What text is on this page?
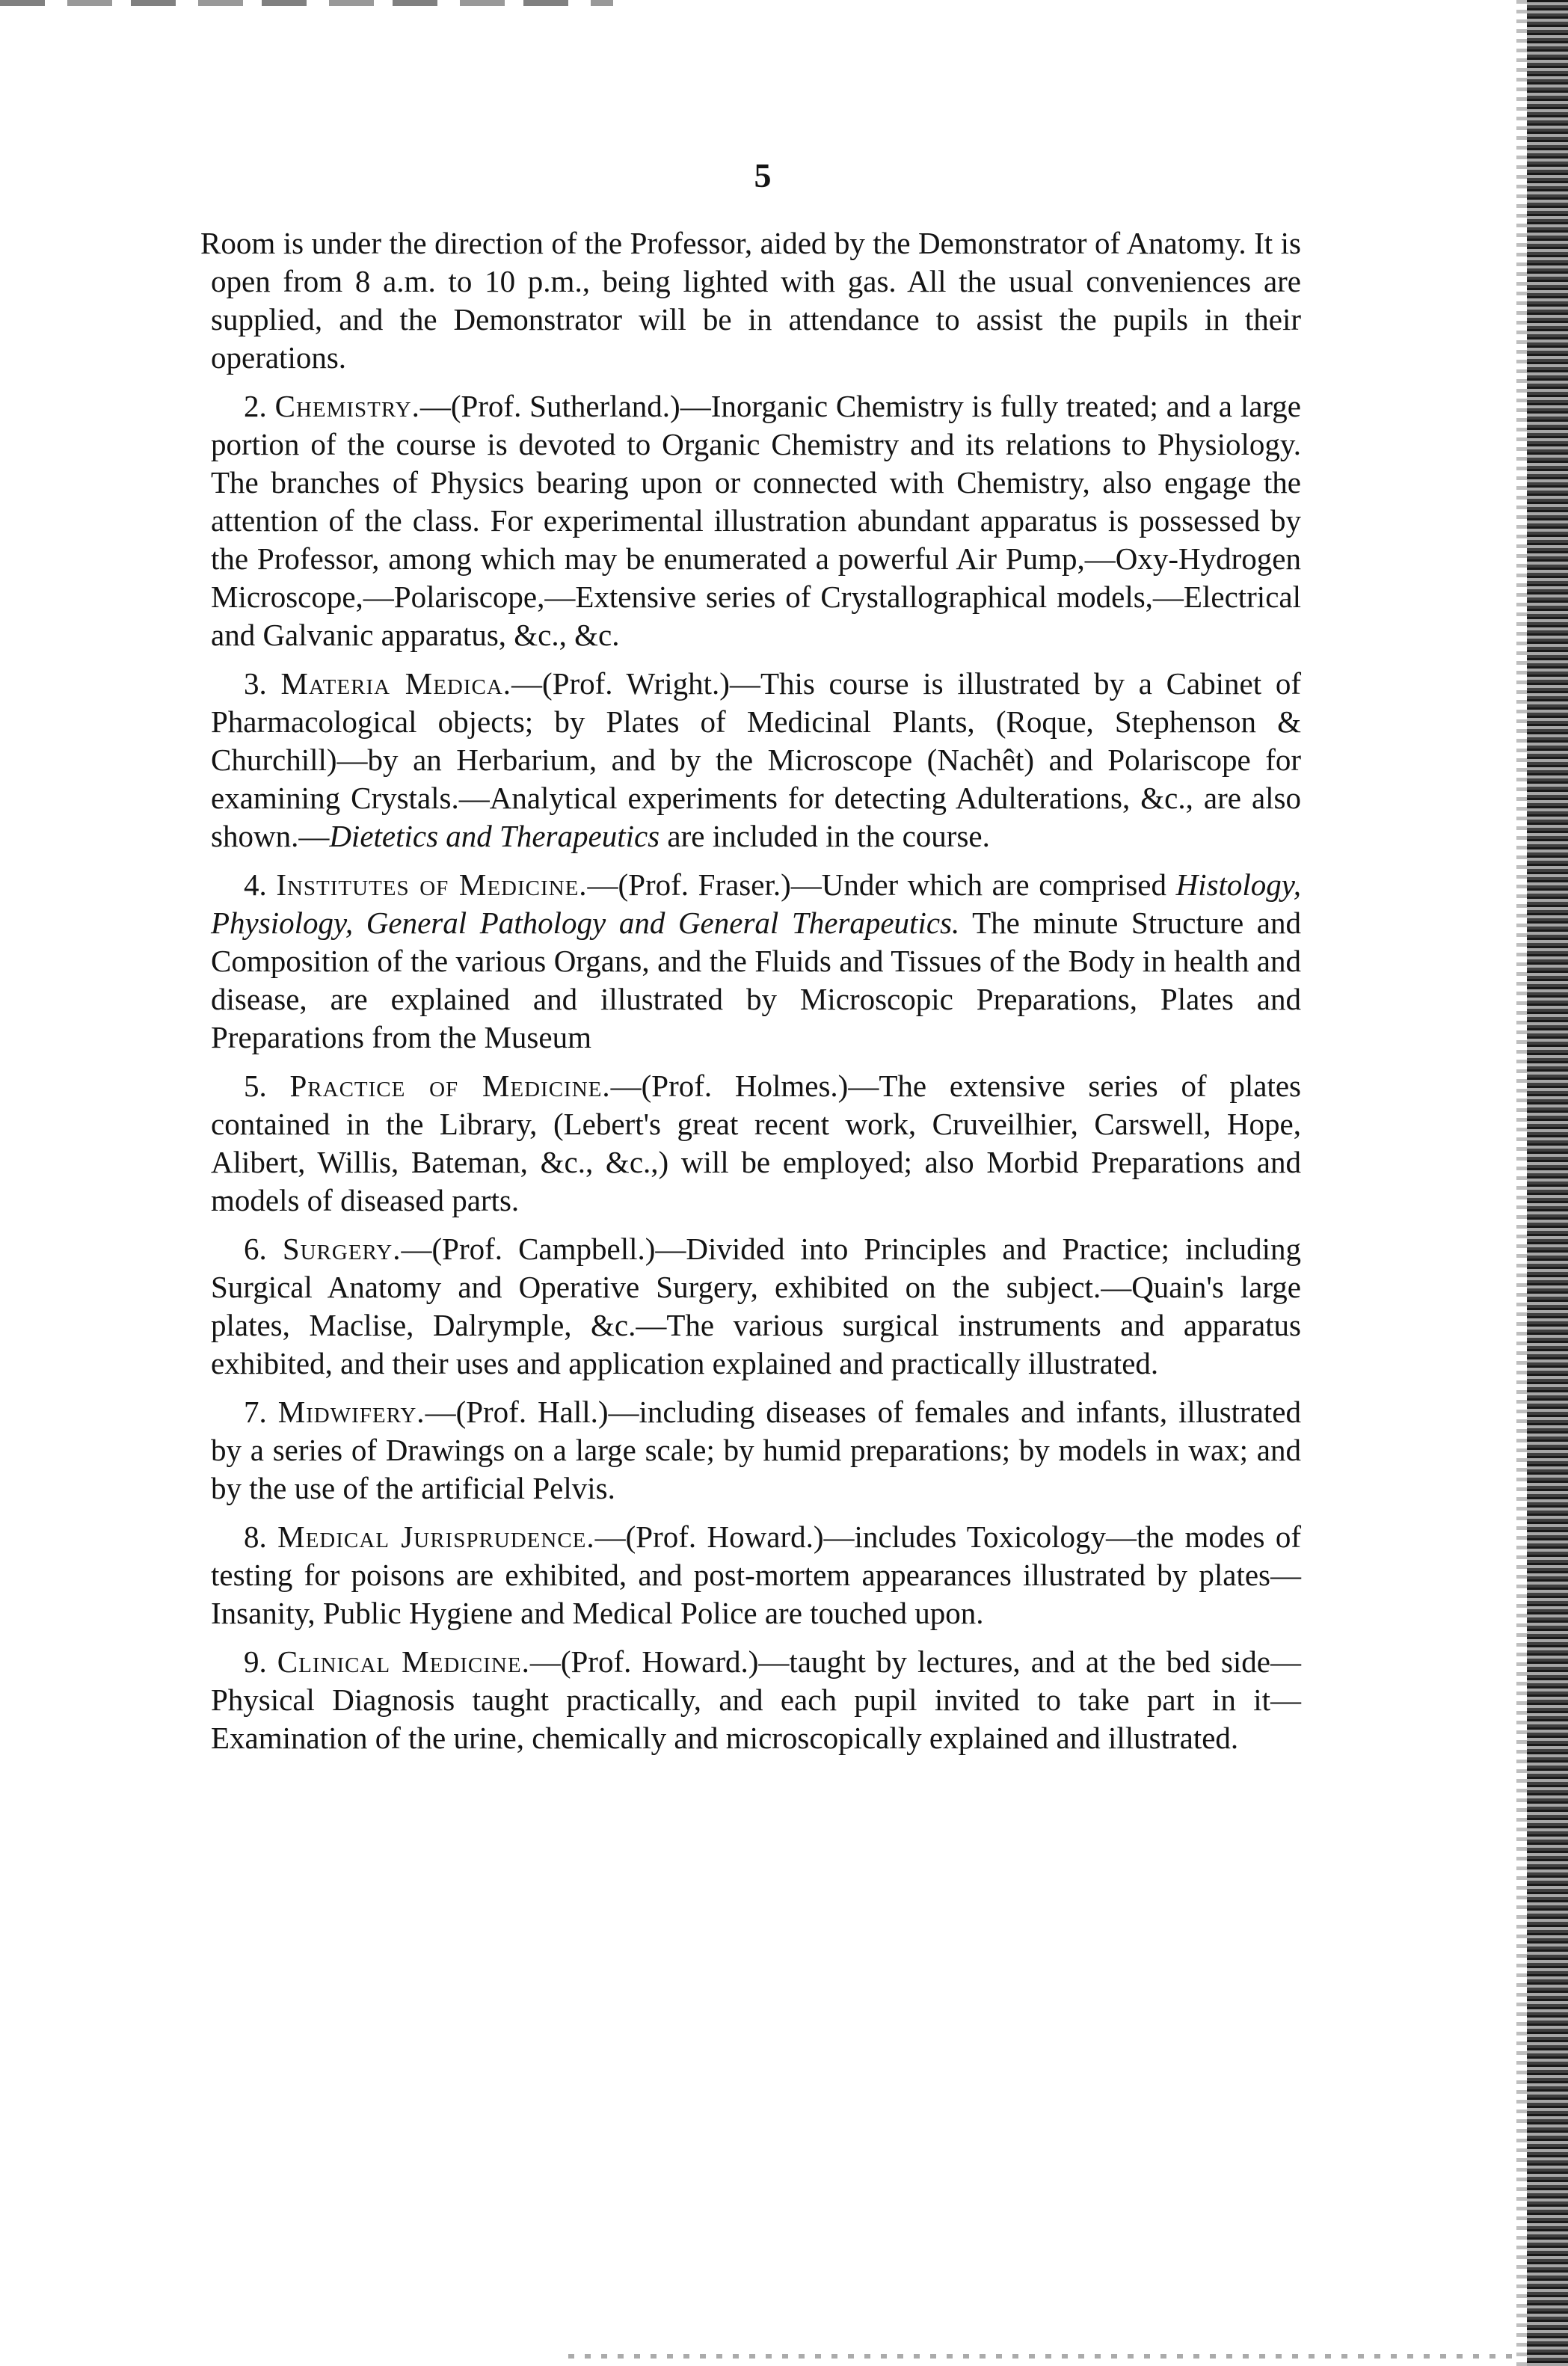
5

Room is under the direction of the Professor, aided by the Demonstrator of Anatomy. It is open from 8 a.m. to 10 p.m., being lighted with gas. All the usual conveniences are supplied, and the Demonstrator will be in attendance to assist the pupils in their operations.

2. Chemistry.—(Prof. Sutherland.)—Inorganic Chemistry is fully treated; and a large portion of the course is devoted to Organic Chemistry and its relations to Physiology. The branches of Physics bearing upon or connected with Chemistry, also engage the attention of the class. For experimental illustration abundant apparatus is possessed by the Professor, among which may be enumerated a powerful Air Pump,—Oxy-Hydrogen Microscope,—Polariscope,—Extensive series of Crystallographical models,—Electrical and Galvanic apparatus, &c., &c.

3. Materia Medica.—(Prof. Wright.)—This course is illustrated by a Cabinet of Pharmacological objects; by Plates of Medicinal Plants, (Roque, Stephenson & Churchill)—by an Herbarium, and by the Microscope (Nachêt) and Polariscope for examining Crystals.—Analytical experiments for detecting Adulterations, &c., are also shown.—Dietetics and Therapeutics are included in the course.

4. Institutes of Medicine.—(Prof. Fraser.)—Under which are comprised Histology, Physiology, General Pathology and General Therapeutics. The minute Structure and Composition of the various Organs, and the Fluids and Tissues of the Body in health and disease, are explained and illustrated by Microscopic Preparations, Plates and Preparations from the Museum

5. Practice of Medicine.—(Prof. Holmes.)—The extensive series of plates contained in the Library, (Lebert's great recent work, Cruveilhier, Carswell, Hope, Alibert, Willis, Bateman, &c., &c.,) will be employed; also Morbid Preparations and models of diseased parts.

6. Surgery.—(Prof. Campbell.)—Divided into Principles and Practice; including Surgical Anatomy and Operative Surgery, exhibited on the subject.—Quain's large plates, Maclise, Dalrymple, &c.—The various surgical instruments and apparatus exhibited, and their uses and application explained and practically illustrated.

7. Midwifery.—(Prof. Hall.)—including diseases of females and infants, illustrated by a series of Drawings on a large scale; by humid preparations; by models in wax; and by the use of the artificial Pelvis.

8. Medical Jurisprudence.—(Prof. Howard.)—includes Toxicology—the modes of testing for poisons are exhibited, and post-mortem appearances illustrated by plates—Insanity, Public Hygiene and Medical Police are touched upon.

9. Clinical Medicine.—(Prof. Howard.)—taught by lectures, and at the bed side—Physical Diagnosis taught practically, and each pupil invited to take part in it—Examination of the urine, chemically and microscopically explained and illustrated.
